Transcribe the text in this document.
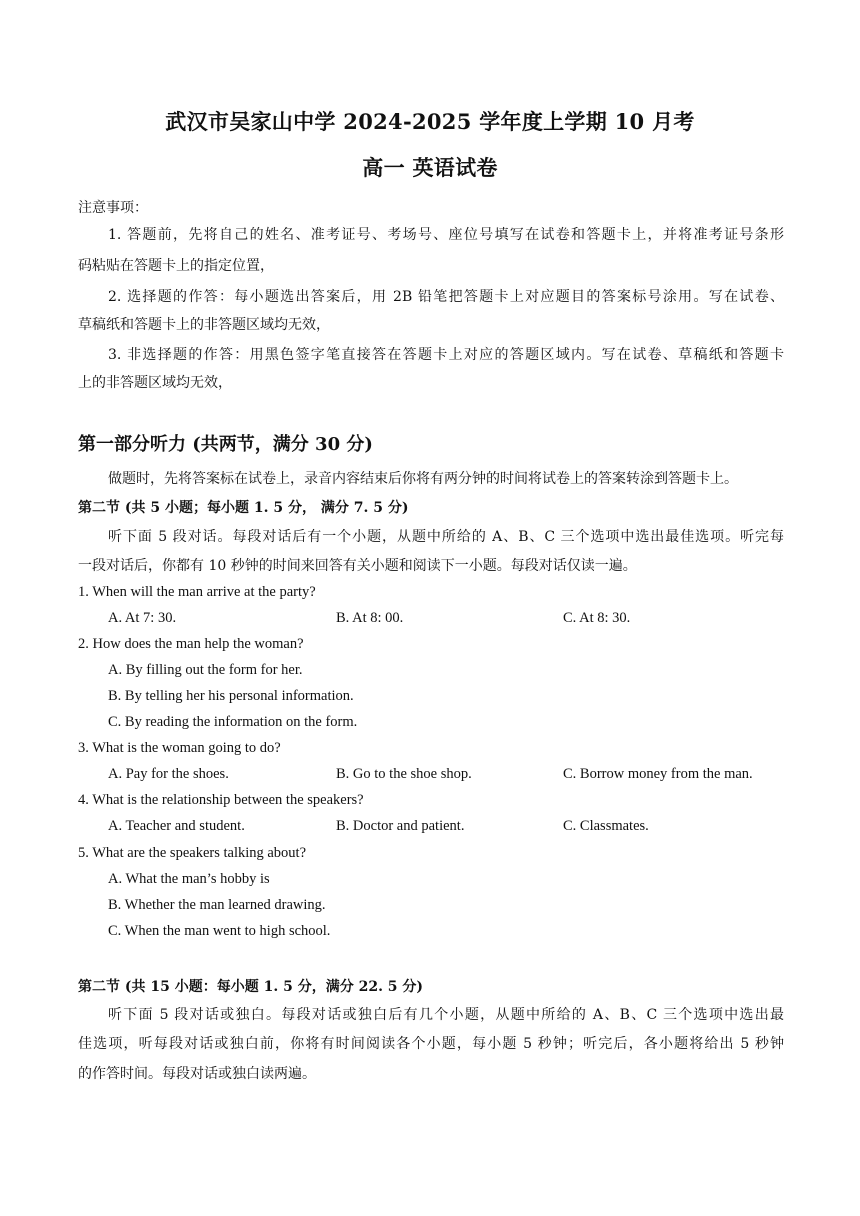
武汉市吴家山中学 2024-2025 学年度上学期 10 月考
高一 英语试卷
注意事项：
1. 答题前，先将自己的姓名、准考证号、考场号、座位号填写在试卷和答题卡上，并将准考证号条形
码粘贴在答题卡上的指定位置，
2. 选择题的作答：每小题选出答案后，用 2B 铅笔把答题卡上对应题目的答案标号涂用。写在试卷、
草稿纸和答题卡上的非答题区域均无效，
3. 非选择题的作答：用黑色签字笔直接答在答题卡上对应的答题区域内。写在试卷、草稿纸和答题卡
上的非答题区域均无效，
第一部分听力 (共两节，满分 30 分)
做题时，先将答案标在试卷上，录音内容结束后你将有两分钟的时间将试卷上的答案转涂到答题卡上。
第二节 (共 5 小题；每小题 1. 5 分， 满分 7. 5 分)
听下面 5 段对话。每段对话后有一个小题，从题中所给的 A、B、C 三个选项中选出最佳选项。听完每
一段对话后，你都有 10 秒钟的时间来回答有关小题和阅读下一小题。每段对话仅读一遍。
1. When will the man arrive at the party?
A. At 7: 30.	B. At 8: 00.	C. At 8: 30.
2. How does the man help the woman?
A. By filling out the form for her.
B. By telling her his personal information.
C. By reading the information on the form.
3. What is the woman going to do?
A. Pay for the shoes.	B. Go to the shoe shop.	C. Borrow money from the man.
4. What is the relationship between the speakers?
A. Teacher and student.	B. Doctor and patient.	C. Classmates.
5. What are the speakers talking about?
A. What the man’s hobby is
B. Whether the man learned drawing.
C. When the man went to high school.
第二节 (共 15 小题：每小题 1. 5 分，满分 22. 5 分)
听下面 5 段对话或独白。每段对话或独白后有几个小题，从题中所给的 A、B、C 三个选项中选出最
佳选项，听每段对话或独白前，你将有时间阅读各个小题，每小题 5 秒钟；听完后，各小题将给出 5 秒钟
的作答时间。每段对话或独白读两遍。
